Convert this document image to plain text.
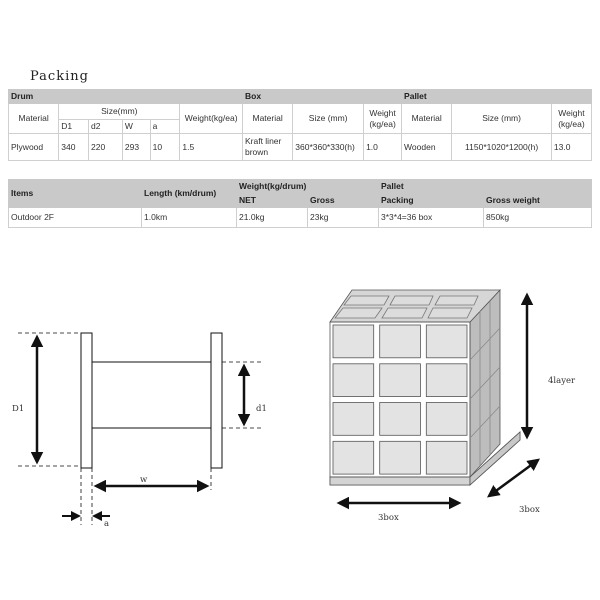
Packing
Drum						Box			Pallet		
Material	Size(mm)				Weight(kg/ea)	Material	Size (mm)	Weight (kg/ea)	Material	Size (mm)	Weight (kg/ea)
	D1	d2	W	a							
Plywood	340	220	293	10	1.5	Kraft liner brown	360*360*330(h)	1.0	Wooden	1150*1020*1200(h)	13.0
Items	Length (km/drum)	Weight(kg/drum)		Pallet	
		NET	Gross	Packing	Gross weight
Outdoor 2F	1.0km	21.0kg	23kg	3*3*4=36 box	850kg
D1	d1
w
a
4layer
3box
3box
